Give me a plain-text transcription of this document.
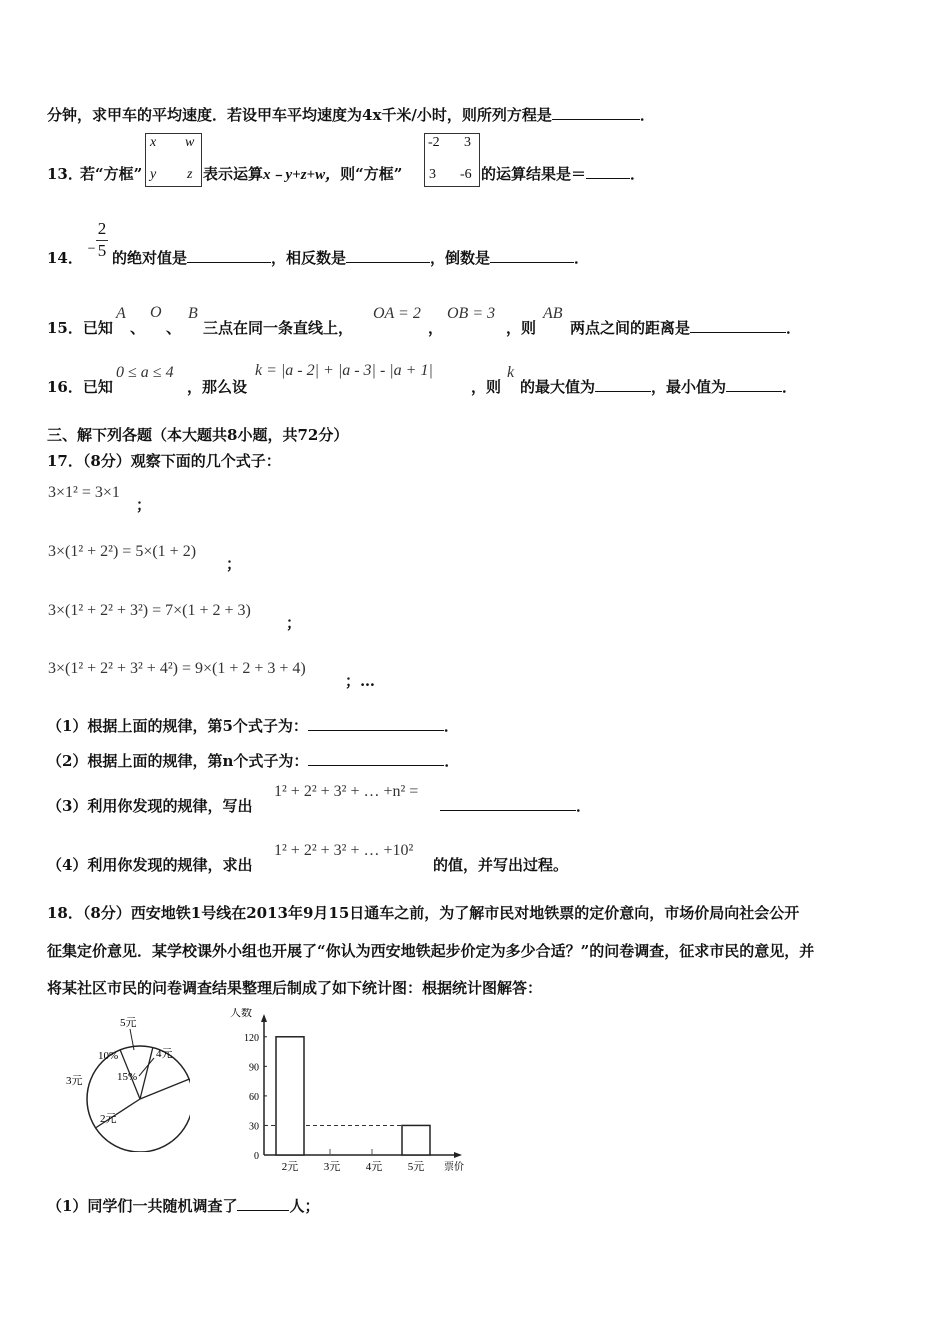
分钟，求甲车的平均速度．若设甲车平均速度为4x千米/小时，则所列方程是	．
13．
若“方框”
x w
y z 表示运算x﹣y+z+w，则“方框”
-2 3
3 -6 的运算结果是＝	．
14．
﹣
$\frac{2}{5}$ 的绝对值是	，相反数是	，倒数是	．
15．已知
A
、
O
、
B
三点在同一条直线上，
OA = 2
，
OB = 3
，则
AB
两点之间的距离是	．
16．已知
0 ≤ a ≤ 4
，那么设
k = |a - 2| + |a - 3| - |a + 1|
，则
k
的最大值为	，最小值为	．
三、解下列各题（本大题共8小题，共72分）
17．（8分）观察下面的几个式子：
3×1² = 3×1
；
3×(1² + 2²) = 5×(1 + 2)
；
3×(1² + 2² + 3²) = 7×(1 + 2 + 3)
；
3×(1² + 2² + 3² + 4²) = 9×(1 + 2 + 3 + 4)
；…
（1）根据上面的规律，第5个式子为：	．
（2）根据上面的规律，第n个式子为：	．
（3）利用你发现的规律，写出
1² + 2² + 3² + … +n² =
．
（4）利用你发现的规律，求出
1² + 2² + 3² + … +10²
的值，并写出过程。
18．（8分）西安地铁1号线在2013年9月15日通车之前，为了解市民对地铁票的定价意向，市场价局向社会公开
征集定价意见．某学校课外小组也开展了“你认为西安地铁起步价定为多少合适？”的问卷调查，征求市民的意见，并
将某社区市民的问卷调查结果整理后制成了如下统计图：根据统计图解答：
5元
4元
3元
2元
10%
15%
人数
票价
0
30
60
90
120
2元 3元 4元 5元
（1）同学们一共随机调查了	人；
